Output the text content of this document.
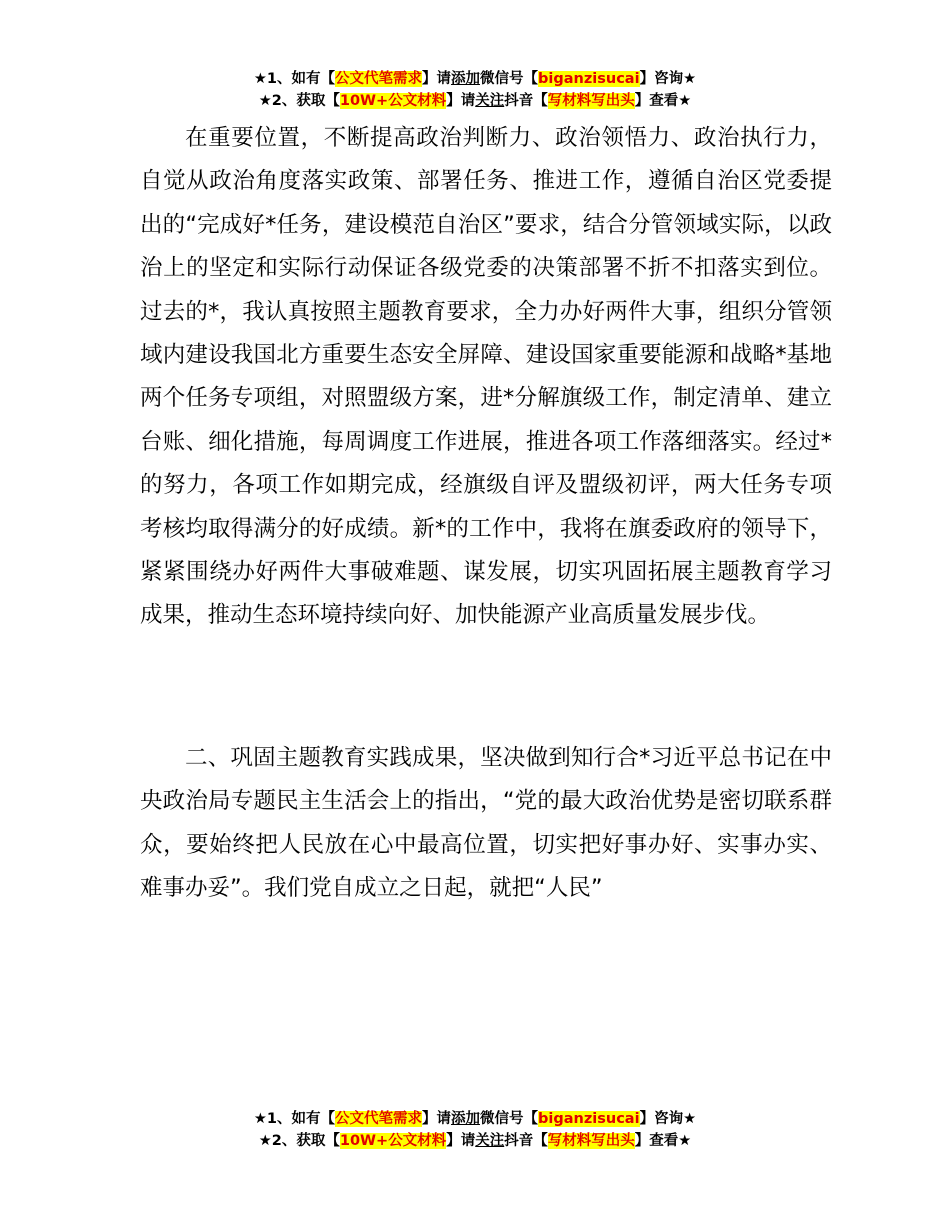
★1、如有【公文代笔需求】请添加微信号【biganzisucai】咨询★
★2、获取【10W+公文材料】请关注抖音【写材料写出头】查看★

在重要位置，不断提高政治判断力、政治领悟力、政治执行力，自觉从政治角度落实政策、部署任务、推进工作，遵循自治区党委提出的“完成好*任务，建设模范自治区”要求，结合分管领域实际，以政治上的坚定和实际行动保证各级党委的决策部署不折不扣落实到位。过去的*，我认真按照主题教育要求，全力办好两件大事，组织分管领域内建设我国北方重要生态安全屏障、建设国家重要能源和战略*基地两个任务专项组，对照盟级方案，进*分解旗级工作，制定清单、建立台账、细化措施，每周调度工作进展，推进各项工作落细落实。经过*的努力，各项工作如期完成，经旗级自评及盟级初评，两大任务专项考核均取得满分的好成绩。新*的工作中，我将在旗委政府的领导下，紧紧围绕办好两件大事破难题、谋发展，切实巩固拓展主题教育学习成果，推动生态环境持续向好、加快能源产业高质量发展步伐。

二、巩固主题教育实践成果，坚决做到知行合*习近平总书记在中央政治局专题民主生活会上的指出，“党的最大政治优势是密切联系群众，要始终把人民放在心中最高位置，切实把好事办好、实事办实、难事办妥”。我们党自成立之日起，就把“人民”

★1、如有【公文代笔需求】请添加微信号【biganzisucai】咨询★
★2、获取【10W+公文材料】请关注抖音【写材料写出头】查看★
